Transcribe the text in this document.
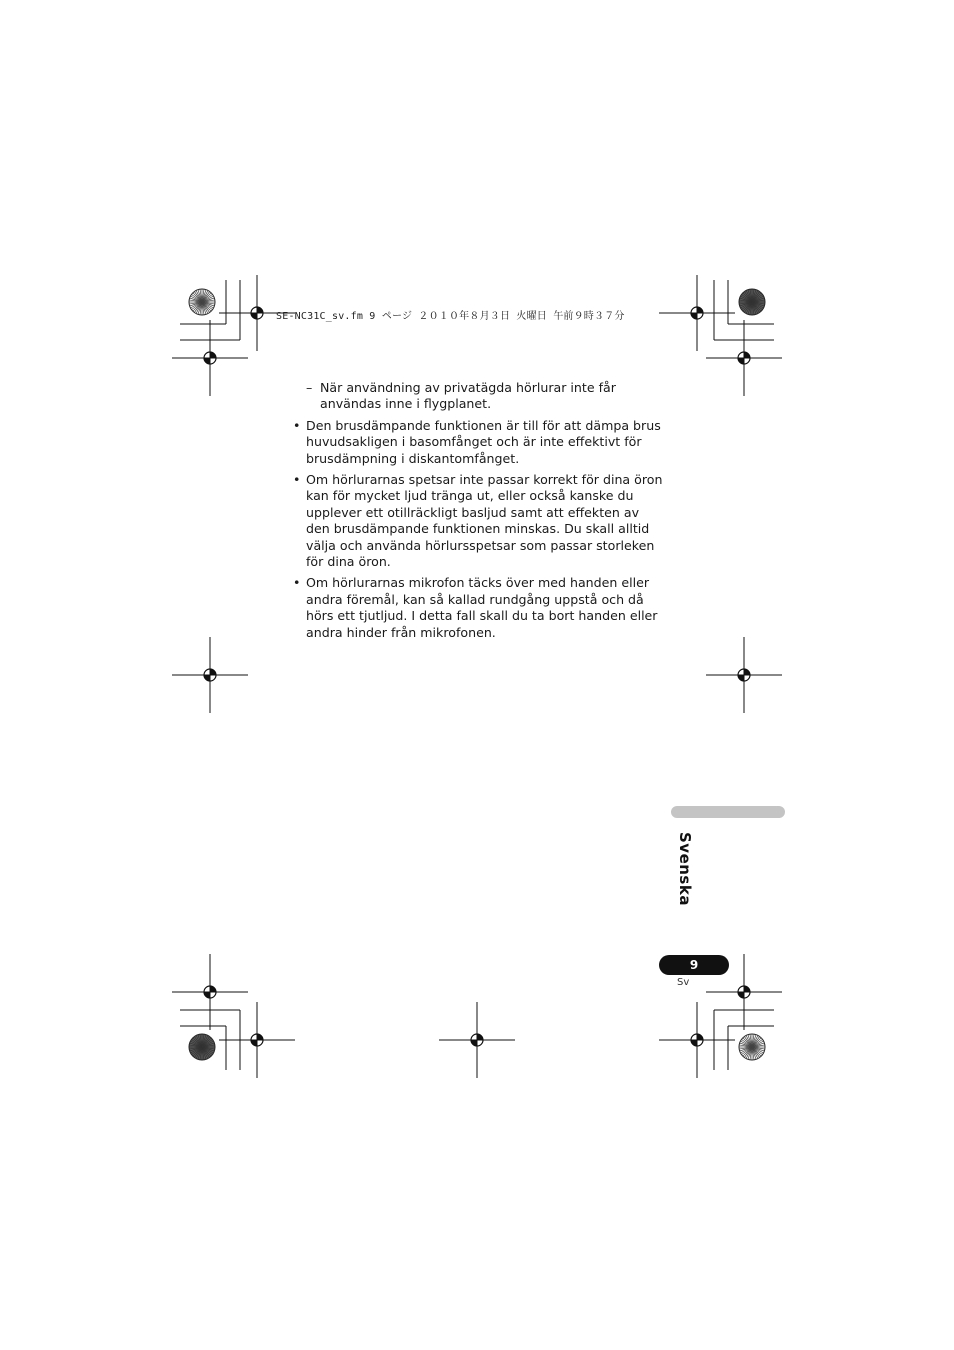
SE-NC31C_sv.fm 9 ページ ２０１０年８月３日 火曜日 午前９時３７分
– När användning av privatägda hörlurar inte får användas inne i flygplanet.
• Den brusdämpande funktionen är till för att dämpa brus huvudsakligen i basomfånget och är inte effektivt för brusdämpning i diskantomfånget.
• Om hörlurarnas spetsar inte passar korrekt för dina öron kan för mycket ljud tränga ut, eller också kanske du upplever ett otillräckligt basljud samt att effekten av den brusdämpande funktionen minskas. Du skall alltid välja och använda hörlursspetsar som passar storleken för dina öron.
• Om hörlurarnas mikrofon täcks över med handen eller andra föremål, kan så kallad rundgång uppstå och då hörs ett tjutljud. I detta fall skall du ta bort handen eller andra hinder från mikrofonen.
Svenska
9
Sv
